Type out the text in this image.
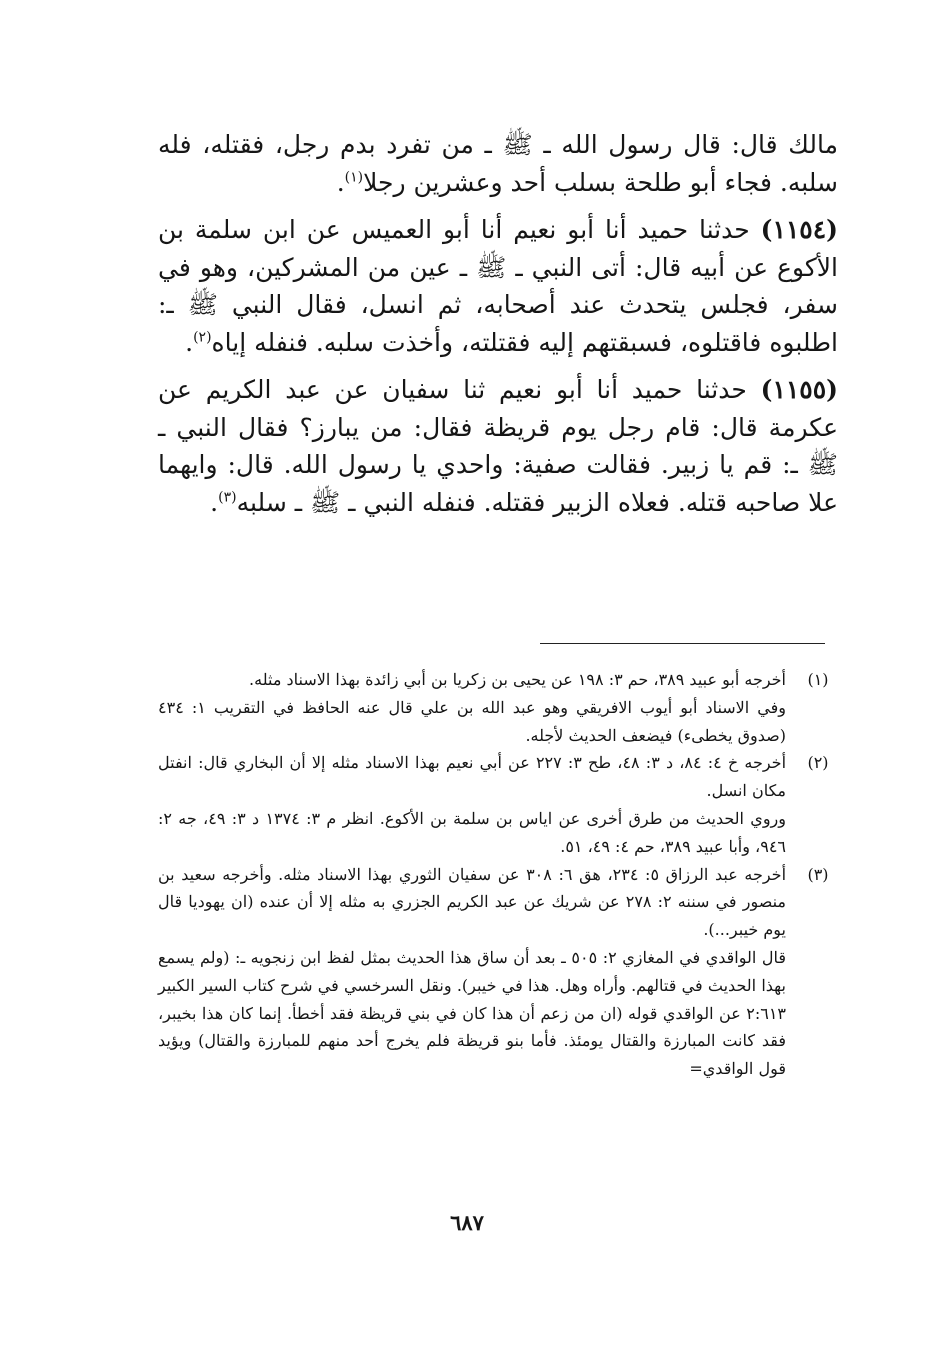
مالك قال: قال رسول الله ـ ﷺ ـ من تفرد بدم رجل، فقتله، فله سلبه. فجاء أبو طلحة بسلب أحد وعشرين رجلا$^{(١)}$.

(١١٥٤) حدثنا حميد أنا أبو نعيم أنا أبو العميس عن ابن سلمة بن الأكوع عن أبيه قال: أتى النبي ـ ﷺ ـ عين من المشركين، وهو في سفر، فجلس يتحدث عند أصحابه، ثم انسل، فقال النبي ﷺ ـ: اطلبوه فاقتلوه، فسبقتهم إليه فقتلته، وأخذت سلبه. فنفله إياه$^{(٢)}$.

(١١٥٥) حدثنا حميد أنا أبو نعيم ثنا سفيان عن عبد الكريم عن عكرمة قال: قام رجل يوم قريظة فقال: من يبارز؟ فقال النبي ـ ﷺ ـ: قم يا زبير. فقالت صفية: واحدي يا رسول الله. قال: وايهما علا صاحبه قتله. فعلاه الزبير فقتله. فنفله النبي ـ ﷺ ـ سلبه$^{(٣)}$.

(١)

أخرجه أبو عبيد ٣٨٩، حم ٣: ١٩٨ عن يحيى بن زكريا بن أبي زائدة بهذا الاسناد مثله.

وفي الاسناد أبو أيوب الافريقي وهو عبد الله بن علي قال عنه الحافظ في التقريب ١: ٤٣٤ (صدوق يخطىء) فيضعف الحديث لأجله.

(٢)

أخرجه خ ٤: ٨٤، د ٣: ٤٨، طح ٣: ٢٢٧ عن أبي نعيم بهذا الاسناد مثله إلا أن البخاري قال: انفتل مكان انسل.

وروي الحديث من طرق أخرى عن اياس بن سلمة بن الأكوع. انظر م ٣: ١٣٧٤ د ٣: ٤٩، جه ٢: ٩٤٦، وأبا عبيد ٣٨٩، حم ٤: ٤٩، ٥١.

(٣)

أخرجه عبد الرزاق ٥: ٢٣٤، هق ٦: ٣٠٨ عن سفيان الثوري بهذا الاسناد مثله. وأخرجه سعيد بن منصور في سننه ٢: ٢٧٨ عن شريك عن عبد الكريم الجزري به مثله إلا أن عنده (ان يهوديا قال يوم خيبر...).

قال الواقدي في المغازي ٢: ٥٠٥ ـ بعد أن ساق هذا الحديث بمثل لفظ ابن زنجويه ـ: (ولم يسمع بهذا الحديث في قتالهم. وأراه وهل. هذا في خيبر). ونقل السرخسي في شرح كتاب السير الكبير ٢:٦١٣ عن الواقدي قوله (ان من زعم أن هذا كان في بني قريظة فقد أخطأ. إنما كان هذا بخيبر، فقد كانت المبارزة والقتال يومئذ. فأما بنو قريظة فلم يخرج أحد منهم للمبارزة والقتال) ويؤيد قول الواقدي=

٦٨٧
